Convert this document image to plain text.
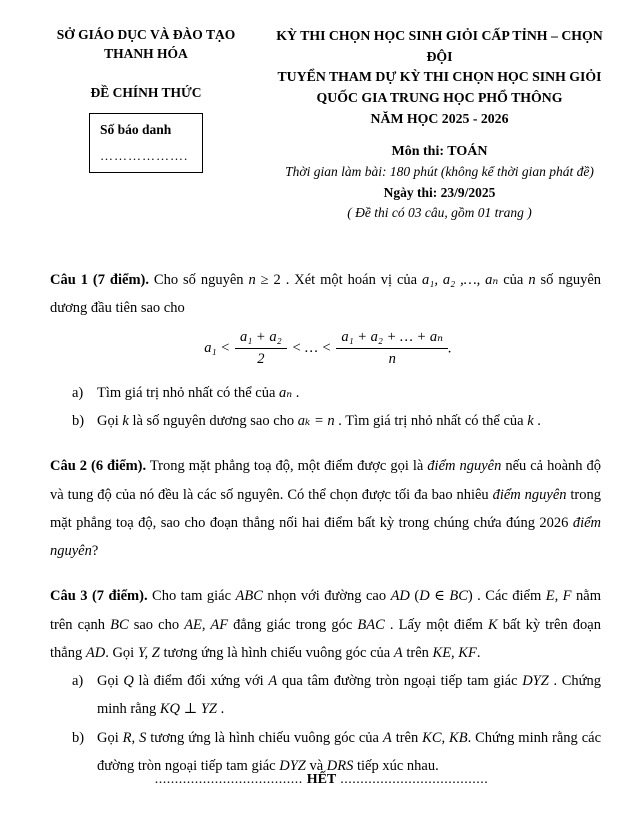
SỞ GIÁO DỤC VÀ ĐÀO TẠO
THANH HÓA
ĐỀ CHÍNH THỨC
Số báo danh
……………….
KỲ THI CHỌN HỌC SINH GIỎI CẤP TỈNH – CHỌN ĐỘI
TUYỂN THAM DỰ KỲ THI CHỌN HỌC SINH GIỎI
QUỐC GIA TRUNG HỌC PHỔ THÔNG
NĂM HỌC 2025 - 2026
Môn thi: TOÁN
Thời gian làm bài: 180 phút (không kể thời gian phát đề)
Ngày thi: 23/9/2025
( Đề thi có 03 câu, gồm 01 trang )

Câu 1 (7 điểm). Cho số nguyên n ≥ 2 . Xét một hoán vị của a₁, a₂ ,…, aₙ của n số nguyên dương đầu tiên sao cho

$a_1 < \frac{\text{a₁ + a₂}}{2}$ < … < $\frac{\text{a₁ + a₂ + … + aₙ}}{n}$ .
a) Tìm giá trị nhỏ nhất có thể của aₙ .
b) Gọi k là số nguyên dương sao cho aₖ = n . Tìm giá trị nhỏ nhất có thể của k .

Câu 2 (6 điểm). Trong mặt phẳng toạ độ, một điểm được gọi là điểm nguyên nếu cả hoành độ và tung độ của nó đều là các số nguyên. Có thể chọn được tối đa bao nhiêu điểm nguyên trong mặt phẳng toạ độ, sao cho đoạn thẳng nối hai điểm bất kỳ trong chúng chứa đúng 2026 điểm nguyên?

Câu 3 (7 điểm). Cho tam giác ABC nhọn với đường cao AD (D ∈ BC) . Các điểm E, F nằm trên cạnh BC sao cho AE, AF đẳng giác trong góc BAC . Lấy một điểm K bất kỳ trên đoạn thẳng AD. Gọi Y, Z tương ứng là hình chiếu vuông góc của A trên KE, KF.

a) Gọi Q là điểm đối xứng với A qua tâm đường tròn ngoại tiếp tam giác DYZ . Chứng minh rằng KQ ⊥ YZ .
b) Gọi R, S tương ứng là hình chiếu vuông góc của A trên KC, KB. Chứng minh rằng các đường tròn ngoại tiếp tam giác DYZ và DRS tiếp xúc nhau.
..................................... HẾT .....................................
